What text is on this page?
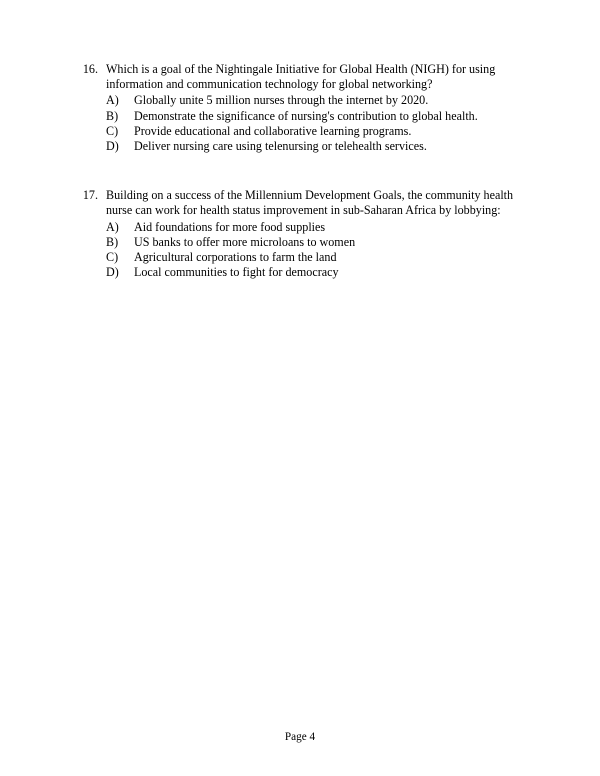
16. Which is a goal of the Nightingale Initiative for Global Health (NIGH) for using information and communication technology for global networking?
A)	Globally unite 5 million nurses through the internet by 2020.
B)	Demonstrate the significance of nursing's contribution to global health.
C)	Provide educational and collaborative learning programs.
D)	Deliver nursing care using telenursing or telehealth services.
17. Building on a success of the Millennium Development Goals, the community health nurse can work for health status improvement in sub-Saharan Africa by lobbying:
A)	Aid foundations for more food supplies
B)	US banks to offer more microloans to women
C)	Agricultural corporations to farm the land
D)	Local communities to fight for democracy
Page 4
